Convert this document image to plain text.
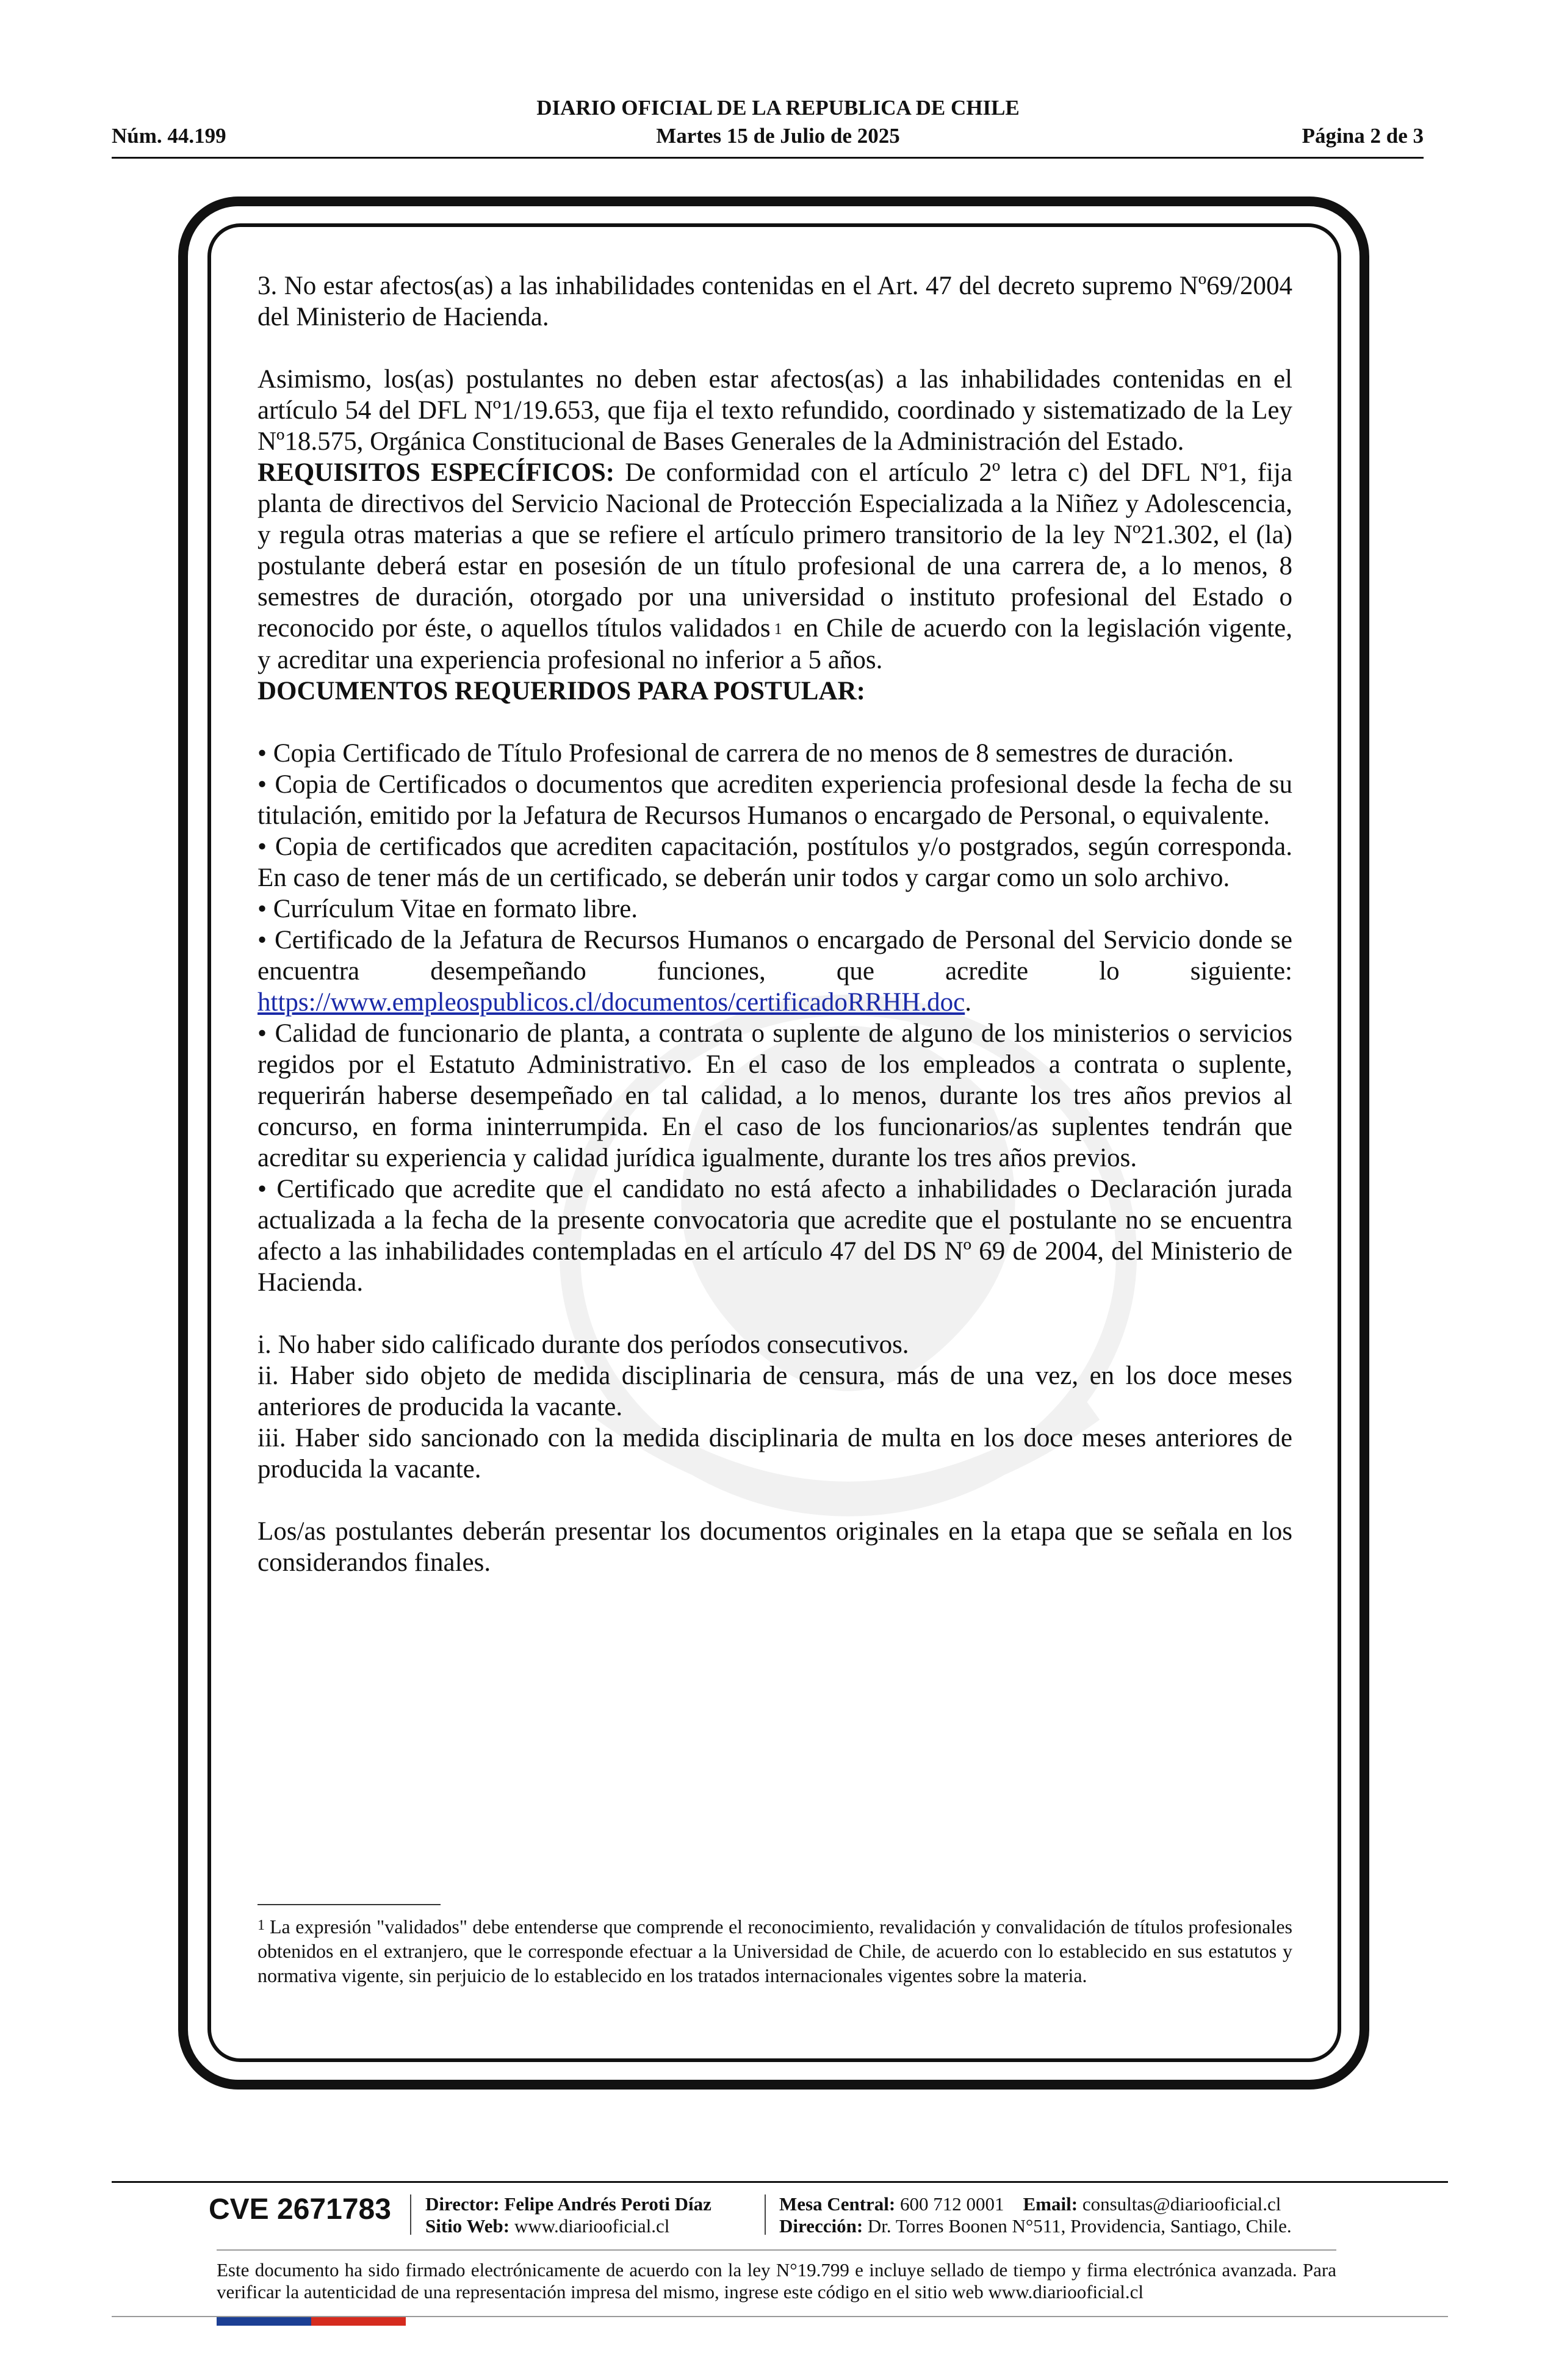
DIARIO OFICIAL DE LA REPUBLICA DE CHILE
Núm. 44.199	Martes 15 de Julio de 2025	Página 2 de 3

3. No estar afectos(as) a las inhabilidades contenidas en el Art. 47 del decreto supremo Nº69/2004 del Ministerio de Hacienda.

Asimismo, los(as) postulantes no deben estar afectos(as) a las inhabilidades contenidas en el artículo 54 del DFL Nº1/19.653, que fija el texto refundido, coordinado y sistematizado de la Ley Nº18.575, Orgánica Constitucional de Bases Generales de la Administración del Estado.

REQUISITOS ESPECÍFICOS: De conformidad con el artículo 2º letra c) del DFL Nº1, fija planta de directivos del Servicio Nacional de Protección Especializada a la Niñez y Adolescencia, y regula otras materias a que se refiere el artículo primero transitorio de la ley Nº21.302, el (la) postulante deberá estar en posesión de un título profesional de una carrera de, a lo menos, 8 semestres de duración, otorgado por una universidad o instituto profesional del Estado o reconocido por éste, o aquellos títulos validados 1 en Chile de acuerdo con la legislación vigente, y acreditar una experiencia profesional no inferior a 5 años.

DOCUMENTOS REQUERIDOS PARA POSTULAR:

• Copia Certificado de Título Profesional de carrera de no menos de 8 semestres de duración.

• Copia de Certificados o documentos que acrediten experiencia profesional desde la fecha de su titulación, emitido por la Jefatura de Recursos Humanos o encargado de Personal, o equivalente.

• Copia de certificados que acrediten capacitación, postítulos y/o postgrados, según corresponda. En caso de tener más de un certificado, se deberán unir todos y cargar como un solo archivo.

• Currículum Vitae en formato libre.

• Certificado de la Jefatura de Recursos Humanos o encargado de Personal del Servicio donde se encuentra desempeñando funciones, que acredite lo siguiente: https://www.empleospublicos.cl/documentos/certificadoRRHH.doc.

• Calidad de funcionario de planta, a contrata o suplente de alguno de los ministerios o servicios regidos por el Estatuto Administrativo. En el caso de los empleados a contrata o suplente, requerirán haberse desempeñado en tal calidad, a lo menos, durante los tres años previos al concurso, en forma ininterrumpida. En el caso de los funcionarios/as suplentes tendrán que acreditar su experiencia y calidad jurídica igualmente, durante los tres años previos.

• Certificado que acredite que el candidato no está afecto a inhabilidades o Declaración jurada actualizada a la fecha de la presente convocatoria que acredite que el postulante no se encuentra afecto a las inhabilidades contempladas en el artículo 47 del DS Nº 69 de 2004, del Ministerio de Hacienda.

i. No haber sido calificado durante dos períodos consecutivos.

ii. Haber sido objeto de medida disciplinaria de censura, más de una vez, en los doce meses anteriores de producida la vacante.

iii. Haber sido sancionado con la medida disciplinaria de multa en los doce meses anteriores de producida la vacante.

Los/as postulantes deberán presentar los documentos originales en la etapa que se señala en los considerandos finales.

1 La expresión "validados" debe entenderse que comprende el reconocimiento, revalidación y convalidación de títulos profesionales obtenidos en el extranjero, que le corresponde efectuar a la Universidad de Chile, de acuerdo con lo establecido en sus estatutos y normativa vigente, sin perjuicio de lo establecido en los tratados internacionales vigentes sobre la materia.
CVE 2671783 Director: Felipe Andrés Peroti Díaz
Sitio Web: www.diariooficial.cl
Mesa Central: 600 712 0001 Email: consultas@diariooficial.cl
Dirección: Dr. Torres Boonen N°511, Providencia, Santiago, Chile.
Este documento ha sido firmado electrónicamente de acuerdo con la ley N°19.799 e incluye sellado de tiempo y firma electrónica avanzada. Para verificar la autenticidad de una representación impresa del mismo, ingrese este código en el sitio web www.diariooficial.cl
